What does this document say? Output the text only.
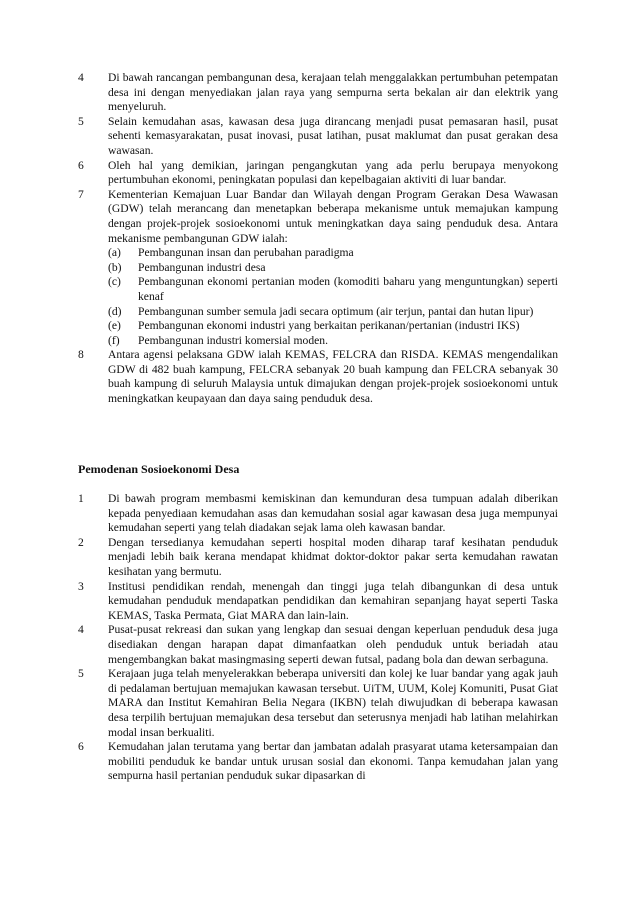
4	Di bawah rancangan pembangunan desa, kerajaan telah menggalakkan pertumbuhan petempatan desa ini dengan menyediakan jalan raya yang sempurna serta bekalan air dan elektrik yang menyeluruh.
5	Selain kemudahan asas, kawasan desa juga dirancang menjadi pusat pemasaran hasil, pusat sehenti kemasyarakatan, pusat inovasi, pusat latihan, pusat maklumat dan pusat gerakan desa wawasan.
6	Oleh hal yang demikian, jaringan pengangkutan yang ada perlu berupaya menyokong pertumbuhan ekonomi, peningkatan populasi dan kepelbagaian aktiviti di luar bandar.
7	Kementerian Kemajuan Luar Bandar dan Wilayah dengan Program Gerakan Desa Wawasan (GDW) telah merancang dan menetapkan beberapa mekanisme untuk memajukan kampung dengan projek-projek sosioekonomi untuk meningkatkan daya saing penduduk desa. Antara mekanisme pembangunan GDW ialah:
(a)	Pembangunan insan dan perubahan paradigma
(b)	Pembangunan industri desa
(c)	Pembangunan ekonomi pertanian moden (komoditi baharu yang menguntungkan) seperti kenaf
(d)	Pembangunan sumber semula jadi secara optimum (air terjun, pantai dan hutan lipur)
(e)	Pembangunan ekonomi industri yang berkaitan perikanan/pertanian (industri IKS)
(f)	Pembangunan industri komersial moden.
8	Antara agensi pelaksana GDW ialah KEMAS, FELCRA dan RISDA. KEMAS mengendalikan GDW di 482 buah kampung, FELCRA sebanyak 20 buah kampung dan FELCRA sebanyak 30 buah kampung di seluruh Malaysia untuk dimajukan dengan projek-projek sosioekonomi untuk meningkatkan keupayaan dan daya saing penduduk desa.
Pemodenan Sosioekonomi Desa
1	Di bawah program membasmi kemiskinan dan kemunduran desa tumpuan adalah diberikan kepada penyediaan kemudahan asas dan kemudahan sosial agar kawasan desa juga mempunyai kemudahan seperti yang telah diadakan sejak lama oleh kawasan bandar.
2	Dengan tersedianya kemudahan seperti hospital moden diharap taraf kesihatan penduduk menjadi lebih baik kerana mendapat khidmat doktor-doktor pakar serta kemudahan rawatan kesihatan yang bermutu.
3	Institusi pendidikan rendah, menengah dan tinggi juga telah dibangunkan di desa untuk kemudahan penduduk mendapatkan pendidikan dan kemahiran sepanjang hayat seperti Taska KEMAS, Taska Permata, Giat MARA dan lain-lain.
4	Pusat-pusat rekreasi dan sukan yang lengkap dan sesuai dengan keperluan penduduk desa juga disediakan dengan harapan dapat dimanfaatkan oleh penduduk untuk beriadah atau mengembangkan bakat masingmasing seperti dewan futsal, padang bola dan dewan serbaguna.
5	Kerajaan juga telah menyelerakkan beberapa universiti dan kolej ke luar bandar yang agak jauh di pedalaman bertujuan memajukan kawasan tersebut. UiTM, UUM, Kolej Komuniti, Pusat Giat MARA dan Institut Kemahiran Belia Negara (IKBN) telah diwujudkan di beberapa kawasan desa terpilih bertujuan memajukan desa tersebut dan seterusnya menjadi hab latihan melahirkan modal insan berkualiti.
6	Kemudahan jalan terutama yang bertar dan jambatan adalah prasyarat utama ketersampaian dan mobiliti penduduk ke bandar untuk urusan sosial dan ekonomi. Tanpa kemudahan jalan yang sempurna hasil pertanian penduduk sukar dipasarkan di
